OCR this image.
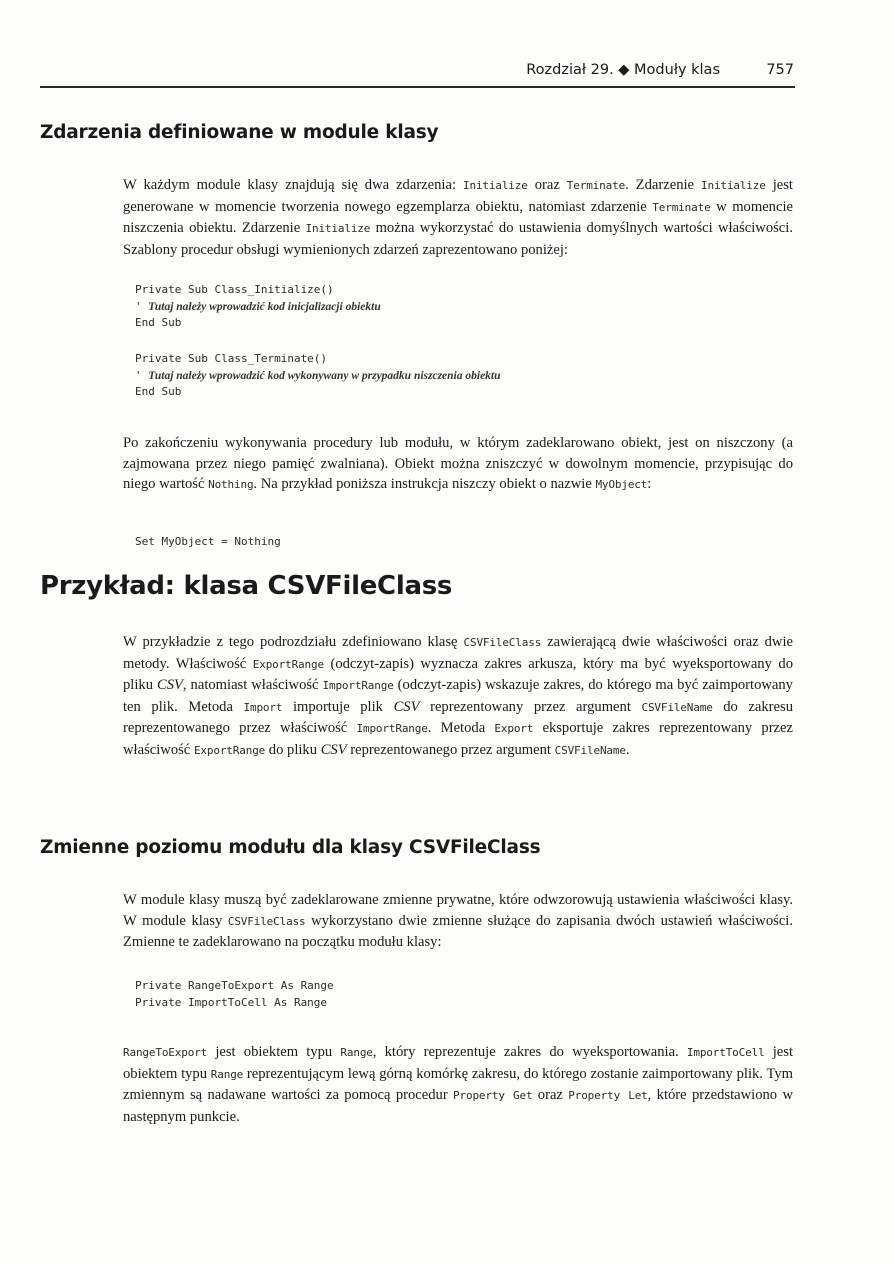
Rozdział 29. ◆ Moduły klas	757
Zdarzenia definiowane w module klasy
W każdym module klasy znajdują się dwa zdarzenia: Initialize oraz Terminate. Zdarzenie Initialize jest generowane w momencie tworzenia nowego egzemplarza obiektu, natomiast zdarzenie Terminate w momencie niszczenia obiektu. Zdarzenie Initialize można wykorzystać do ustawienia domyślnych wartości właściwości. Szablony procedur obsługi wymienionych zdarzeń zaprezentowano poniżej:
Private Sub Class_Initialize()
' Tutaj należy wprowadzić kod inicjalizacji obiektu
End Sub
Private Sub Class_Terminate()
' Tutaj należy wprowadzić kod wykonywany w przypadku niszczenia obiektu
End Sub
Po zakończeniu wykonywania procedury lub modułu, w którym zadeklarowano obiekt, jest on niszczony (a zajmowana przez niego pamięć zwalniana). Obiekt można zniszczyć w dowolnym momencie, przypisując do niego wartość Nothing. Na przykład poniższa instrukcja niszczy obiekt o nazwie MyObject:
Set MyObject = Nothing
Przykład: klasa CSVFileClass
W przykładzie z tego podrozdziału zdefiniowano klasę CSVFileClass zawierającą dwie właściwości oraz dwie metody. Właściwość ExportRange (odczyt-zapis) wyznacza zakres arkusza, który ma być wyeksportowany do pliku CSV, natomiast właściwość ImportRange (odczyt-zapis) wskazuje zakres, do którego ma być zaimportowany ten plik. Metoda Import importuje plik CSV reprezentowany przez argument CSVFileName do zakresu reprezentowanego przez właściwość ImportRange. Metoda Export eksportuje zakres reprezentowany przez właściwość ExportRange do pliku CSV reprezentowanego przez argument CSVFileName.
Zmienne poziomu modułu dla klasy CSVFileClass
W module klasy muszą być zadeklarowane zmienne prywatne, które odwzorowują ustawienia właściwości klasy. W module klasy CSVFileClass wykorzystano dwie zmienne służące do zapisania dwóch ustawień właściwości. Zmienne te zadeklarowano na początku modułu klasy:
Private RangeToExport As Range
Private ImportToCell As Range
RangeToExport jest obiektem typu Range, który reprezentuje zakres do wyeksportowania. ImportToCell jest obiektem typu Range reprezentującym lewą górną komórkę zakresu, do którego zostanie zaimportowany plik. Tym zmiennym są nadawane wartości za pomocą procedur Property Get oraz Property Let, które przedstawiono w następnym punkcie.
